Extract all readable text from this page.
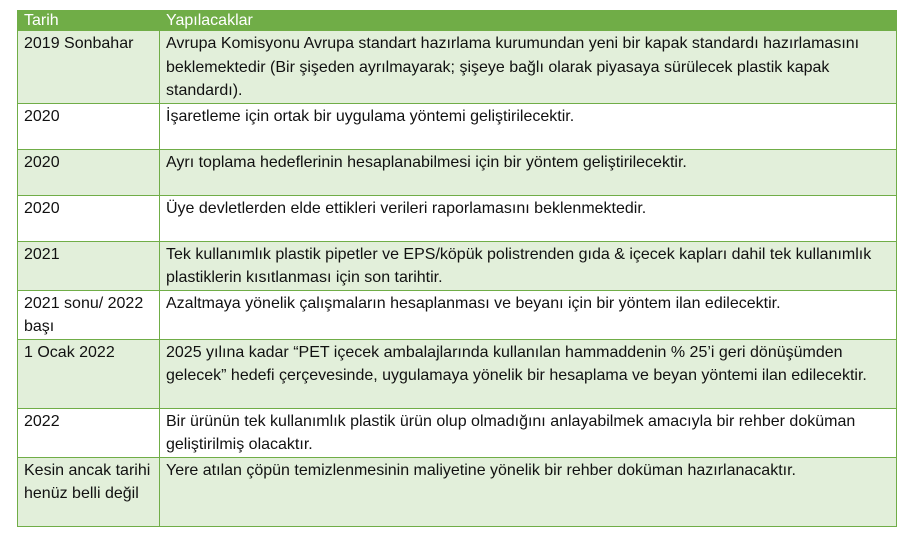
Tarih	Yapılacaklar
2019 Sonbahar	Avrupa Komisyonu Avrupa standart hazırlama kurumundan yeni bir kapak standardı hazırlamasını beklemektedir (Bir şişeden ayrılmayarak; şişeye bağlı olarak piyasaya sürülecek plastik kapak standardı).
2020	İşaretleme için ortak bir uygulama yöntemi geliştirilecektir.
2020	Ayrı toplama hedeflerinin hesaplanabilmesi için bir yöntem geliştirilecektir.
2020	Üye devletlerden elde ettikleri verileri raporlamasını beklenmektedir.
2021	Tek kullanımlık plastik pipetler ve EPS/köpük polistrenden gıda & içecek kapları dahil tek kullanımlık plastiklerin kısıtlanması için son tarihtir.
2021 sonu/ 2022 başı	Azaltmaya yönelik çalışmaların hesaplanması ve beyanı için bir yöntem ilan edilecektir.
1 Ocak 2022	2025 yılına kadar “PET içecek ambalajlarında kullanılan hammaddenin % 25’i geri dönüşümden gelecek” hedefi çerçevesinde, uygulamaya yönelik bir hesaplama ve beyan yöntemi ilan edilecektir.
2022	Bir ürünün tek kullanımlık plastik ürün olup olmadığını anlayabilmek amacıyla bir rehber doküman geliştirilmiş olacaktır.
Kesin ancak tarihi henüz belli değil	Yere atılan çöpün temizlenmesinin maliyetine yönelik bir rehber doküman hazırlanacaktır.
